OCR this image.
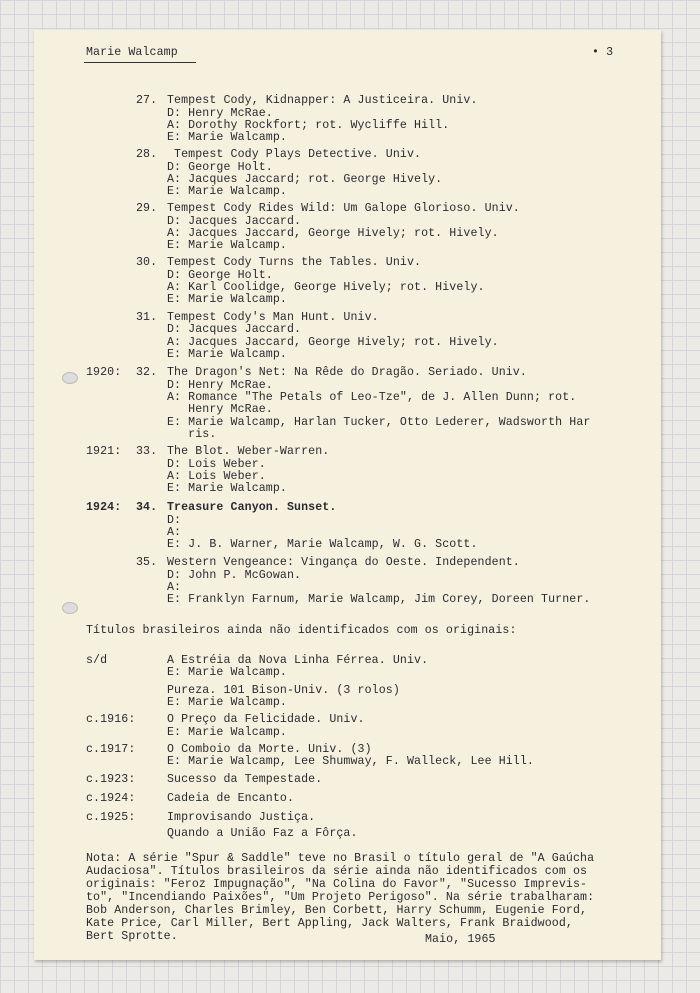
Marie Walcamp	• 3
27. Tempest Cody, Kidnapper: A Justiceira. Univ.
D: Henry McRae.
A: Dorothy Rockfort; rot. Wycliffe Hill.
E: Marie Walcamp.
28. Tempest Cody Plays Detective. Univ.
D: George Holt.
A: Jacques Jaccard; rot. George Hively.
E: Marie Walcamp.
29. Tempest Cody Rides Wild: Um Galope Glorioso. Univ.
D: Jacques Jaccard.
A: Jacques Jaccard, George Hively; rot. Hively.
E: Marie Walcamp.
30. Tempest Cody Turns the Tables. Univ.
D: George Holt.
A: Karl Coolidge, George Hively; rot. Hively.
E: Marie Walcamp.
31. Tempest Cody's Man Hunt. Univ.
D: Jacques Jaccard.
A: Jacques Jaccard, George Hively; rot. Hively.
E: Marie Walcamp.
1920: 32. The Dragon's Net: Na Rêde do Dragão. Seriado. Univ.
D: Henry McRae.
A: Romance "The Petals of Leo-Tze", de J. Allen Dunn; rot.
Henry McRae.
E: Marie Walcamp, Harlan Tucker, Otto Lederer, Wadsworth Har
ris.
1921: 33. The Blot. Weber-Warren.
D: Lois Weber.
A: Lois Weber.
E: Marie Walcamp.
1924: 34. Treasure Canyon. Sunset.
D:
A:
E: J. B. Warner, Marie Walcamp, W. G. Scott.
35. Western Vengeance: Vingança do Oeste. Independent.
D: John P. McGowan.
A:
E: Franklyn Farnum, Marie Walcamp, Jim Corey, Doreen Turner.
Títulos brasileiros ainda não identificados com os originais:
s/d	A Estréia da Nova Linha Férrea. Univ.
E: Marie Walcamp.
Pureza. 101 Bison-Univ. (3 rolos)
E: Marie Walcamp.
c.1916:	O Preço da Felicidade. Univ.
E: Marie Walcamp.
c.1917:	O Comboio da Morte. Univ. (3)
E: Marie Walcamp, Lee Shumway, F. Walleck, Lee Hill.
c.1923:	Sucesso da Tempestade.
c.1924:	Cadeia de Encanto.
c.1925:	Improvisando Justiça.
Quando a União Faz a Fôrça.
Nota: A série "Spur & Saddle" teve no Brasil o título geral de "A Gaúcha
Audaciosa". Títulos brasileiros da série ainda não identificados com os
originais: "Feroz Impugnação", "Na Colina do Favor", "Sucesso Imprevis-
to", "Incendiando Paixões", "Um Projeto Perigoso". Na série trabalharam:
Bob Anderson, Charles Brimley, Ben Corbett, Harry Schumm, Eugenie Ford,
Kate Price, Carl Miller, Bert Appling, Jack Walters, Frank Braidwood,
Bert Sprotte.	Maio, 1965
